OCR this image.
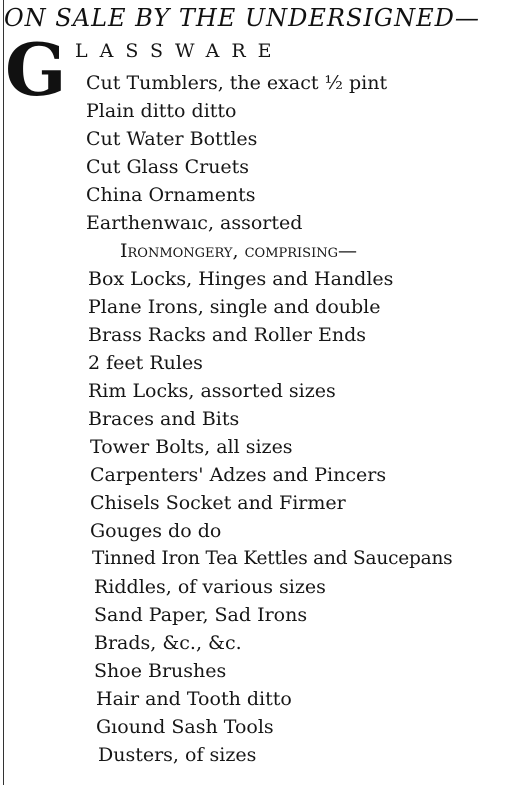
ON SALE BY THE UNDERSIGNED—
G LASSWARE
Cut Tumblers, the exact ½ pint
Plain ditto ditto
Cut Water Bottles
Cut Glass Cruets
China Ornaments
Earthenwaıc, assorted
Ironmongery, comprising—
Box Locks, Hinges and Handles
Plane Irons, single and double
Brass Racks and Roller Ends
2 feet Rules
Rim Locks, assorted sizes
Braces and Bits
Tower Bolts, all sizes
Carpenters' Adzes and Pincers
Chisels Socket and Firmer
Gouges do do
Tinned Iron Tea Kettles and Saucepans
Riddles, of various sizes
Sand Paper, Sad Irons
Brads, &c., &c.
Shoe Brushes
Hair and Tooth ditto
Gıound Sash Tools
Dusters, of sizes
